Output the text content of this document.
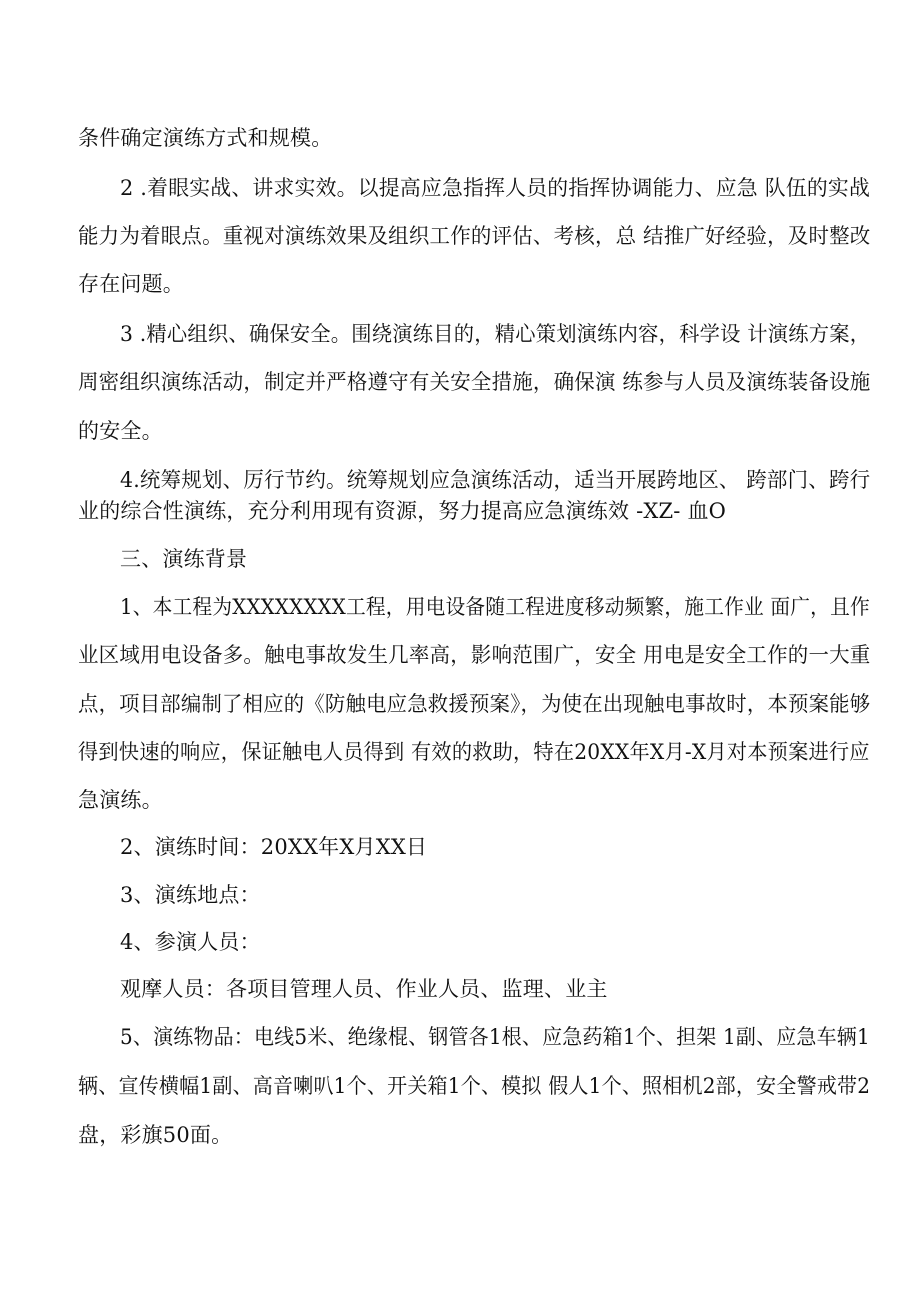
条件确定演练方式和规模。
2 .着眼实战、讲求实效。以提高应急指挥人员的指挥协调能力、应急 队伍的实战
能力为着眼点。重视对演练效果及组织工作的评估、考核，总 结推广好经验，及时整改
存在问题。
3 .精心组织、确保安全。围绕演练目的，精心策划演练内容，科学设 计演练方案，
周密组织演练活动，制定并严格遵守有关安全措施，确保演 练参与人员及演练装备设施
的安全。
4.统筹规划、厉行节约。统筹规划应急演练活动，适当开展跨地区、 跨部门、跨行
业的综合性演练，充分利用现有资源，努力提高应急演练效 -XZ- 血O
三、演练背景
1、本工程为XXXXXXXX工程，用电设备随工程进度移动频繁，施工作业 面广，且作
业区域用电设备多。触电事故发生几率高，影响范围广，安全 用电是安全工作的一大重
点，项目部编制了相应的《防触电应急救援预案》，为使在出现触电事故时，本预案能够
得到快速的响应，保证触电人员得到 有效的救助，特在20XX年X月-X月对本预案进行应
急演练。
2、演练时间：20XX年X月XX日
3、演练地点：
4、参演人员：
观摩人员：各项目管理人员、作业人员、监理、业主
5、演练物品：电线5米、绝缘棍、钢管各1根、应急药箱1个、担架 1副、应急车辆1
辆、宣传横幅1副、高音喇叭1个、开关箱1个、模拟 假人1个、照相机2部，安全警戒带2
盘，彩旗50面。
